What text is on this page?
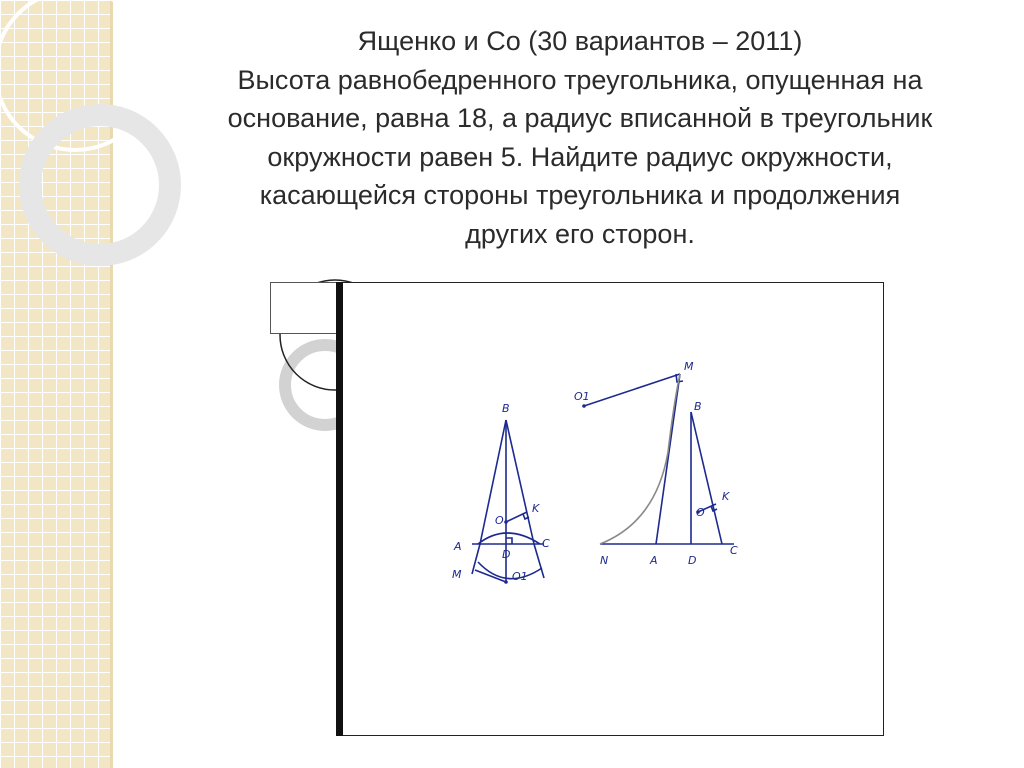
Ященко и Со (30 вариантов – 2011)
Высота равнобедренного треугольника, опущенная на
основание, равна 18, а радиус вписанной в треугольник
окружности равен 5. Найдите радиус окружности,
касающейся стороны треугольника и продолжения
других его сторон.
B
O
K
A	C
D
M	O1
M
O1
B
K
O
N	A	D
C
